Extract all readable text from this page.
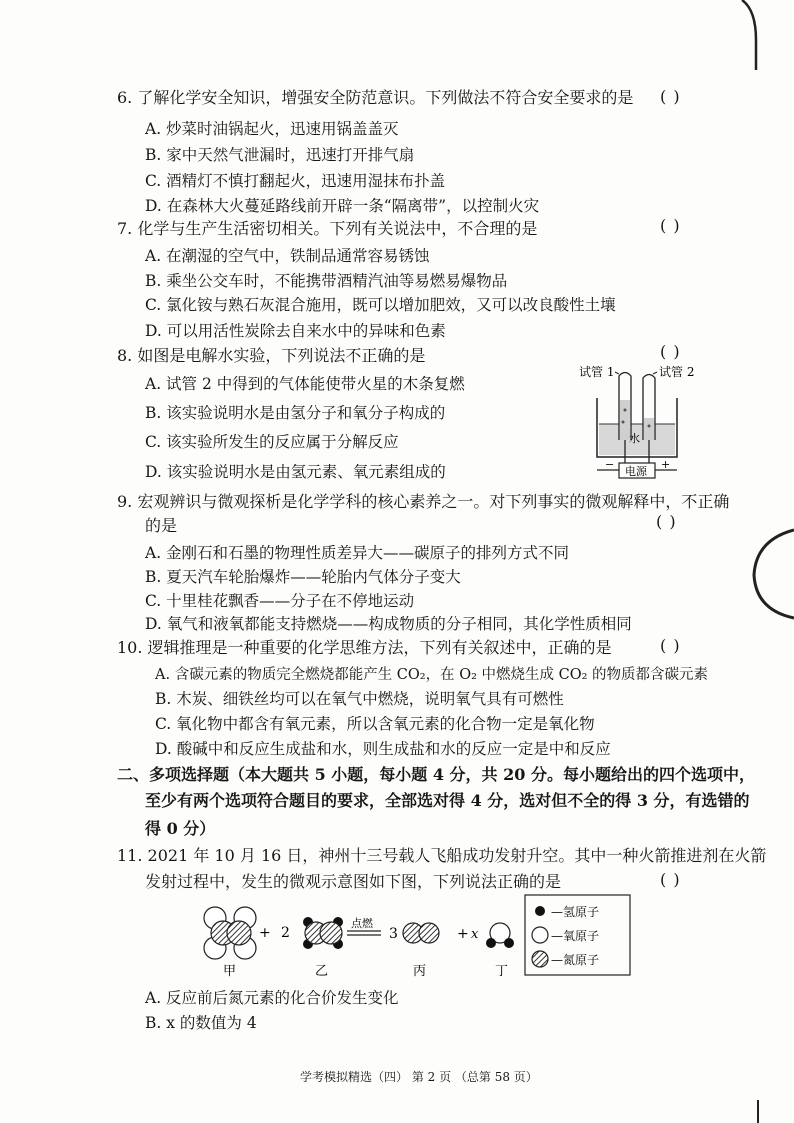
6. 了解化学安全知识，增强安全防范意识。下列做法不符合安全要求的是 ( )
A. 炒菜时油锅起火，迅速用锅盖盖灭
B. 家中天然气泄漏时，迅速打开排气扇
C. 酒精灯不慎打翻起火，迅速用湿抹布扑盖
D. 在森林大火蔓延路线前开辟一条“隔离带”，以控制火灾
7. 化学与生产生活密切相关。下列有关说法中，不合理的是	( )
A. 在潮湿的空气中，铁制品通常容易锈蚀
B. 乘坐公交车时，不能携带酒精汽油等易燃易爆物品
C. 氯化铵与熟石灰混合施用，既可以增加肥效，又可以改良酸性土壤
D. 可以用活性炭除去自来水中的异味和色素
8. 如图是电解水实验，下列说法不正确的是	( )
A. 试管 2 中得到的气体能使带火星的木条复燃
B. 该实验说明水是由氢分子和氧分子构成的
C. 该实验所发生的反应属于分解反应
D. 该实验说明水是由氢元素、氧元素组成的
试管 1	试管 2
水
电源
−	+
9. 宏观辨识与微观探析是化学学科的核心素养之一。对下列事实的微观解释中，不正确
的是	( )
A. 金刚石和石墨的物理性质差异大——碳原子的排列方式不同
B. 夏天汽车轮胎爆炸——轮胎内气体分子变大
C. 十里桂花飘香——分子在不停地运动
D. 氧气和液氧都能支持燃烧——构成物质的分子相同，其化学性质相同
10. 逻辑推理是一种重要的化学思维方法，下列有关叙述中，正确的是	( )
A. 含碳元素的物质完全燃烧都能产生 CO₂，在 O₂ 中燃烧生成 CO₂ 的物质都含碳元素
B. 木炭、细铁丝均可以在氧气中燃烧，说明氧气具有可燃性
C. 氧化物中都含有氧元素，所以含氧元素的化合物一定是氧化物
D. 酸碱中和反应生成盐和水，则生成盐和水的反应一定是中和反应
二、多项选择题（本大题共 5 小题，每小题 4 分，共 20 分。每小题给出的四个选项中，
至少有两个选项符合题目的要求，全部选对得 4 分，选对但不全的得 3 分，有选错的
得 0 分）
11. 2021 年 10 月 16 日，神州十三号载人飞船成功发射升空。其中一种火箭推进剂在火箭
发射过程中，发生的微观示意图如下图，下列说法正确的是	( )
+ 2
点燃
3	+ x
甲	乙	丙	丁
—氢原子
—氧原子
—氮原子
A. 反应前后氮元素的化合价发生变化
B. x 的数值为 4
学考模拟精选（四） 第 2 页 （总第 58 页）
